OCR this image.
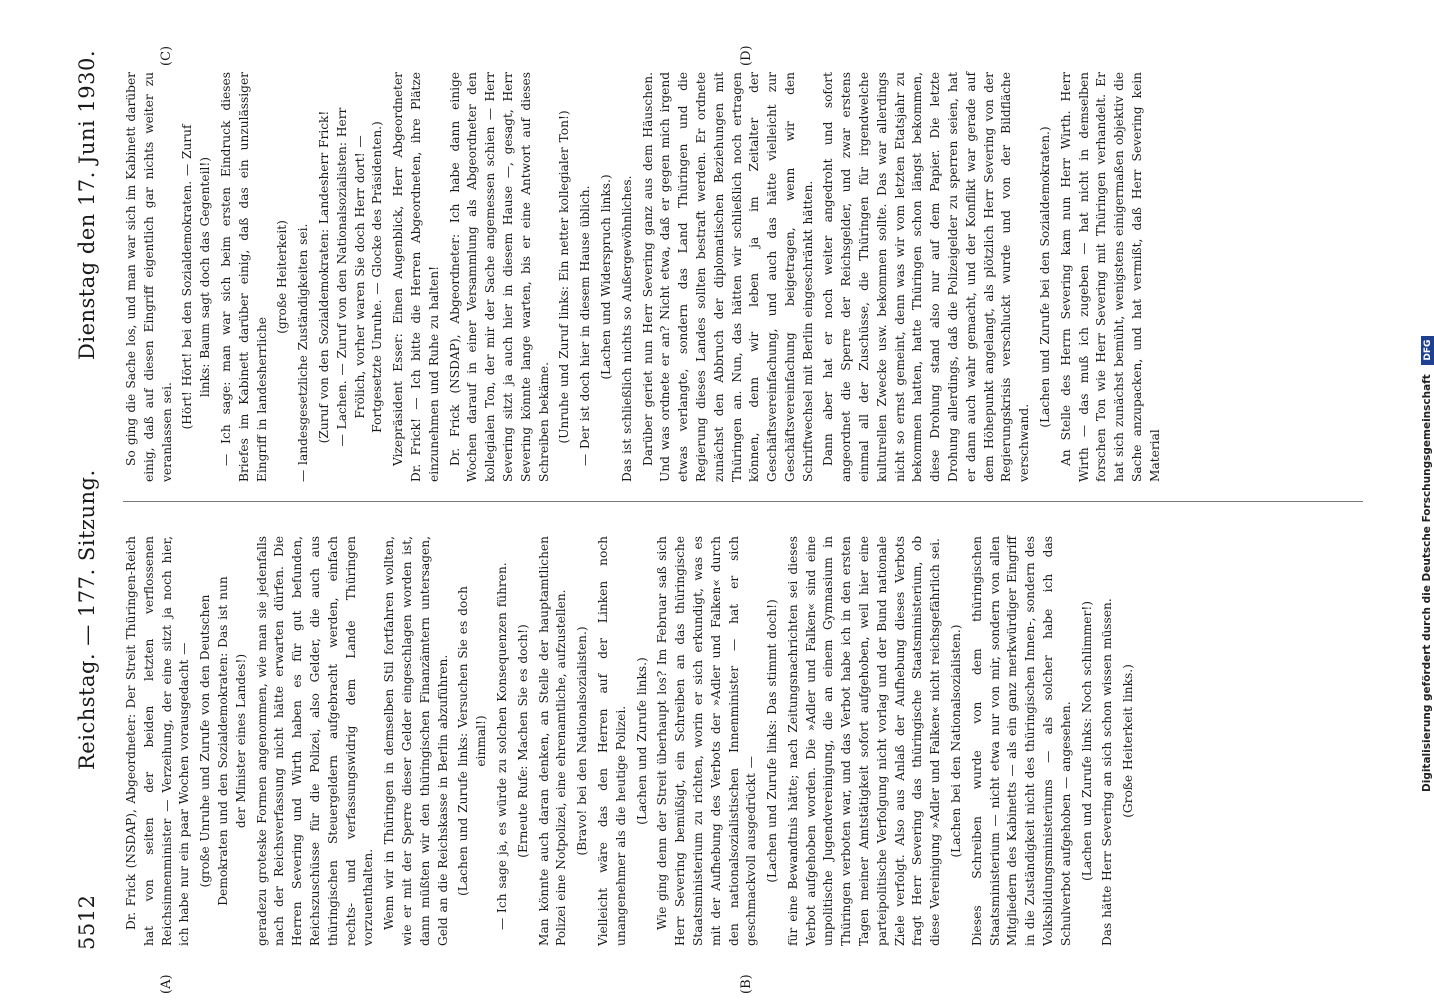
5512
Reichstag. — 177. Sitzung.
Dienstag den 17. Juni 1930.
(A)	(B)
(C)	(D)

Dr. Frick (NSDAP), Abgeordneter: Der Streit Thüringen-Reich hat von seiten der beiden letzten verflossenen Reichsinnenminister — Verzeihung, der eine sitzt ja noch hier, ich habe nur ein paar Wochen vorausgedacht — (große Unruhe und Zurufe von den Deutschen Demokraten und den Sozialdemokraten: Das ist nun der Minister eines Landes!) geradezu groteske Formen angenommen, wie man sie jedenfalls nach der Reichsverfassung nicht hätte erwarten dürfen. Die Herren Severing und Wirth haben es für gut befunden, Reichszuschüsse für die Polizei, also Gelder, die auch aus thüringischen Steuergeldern aufgebracht werden, einfach rechts- und verfassungswidrig dem Lande Thüringen vorzuenthalten. Wenn wir in Thüringen in demselben Stil fortfahren wollten, wie er mit der Sperre dieser Gelder eingeschlagen worden ist, dann müßten wir den thüringischen Finanzämtern untersagen, Geld an die Reichskasse in Berlin abzuführen. (Lachen und Zurufe links: Versuchen Sie es doch einmal!) — Ich sage ja, es würde zu solchen Konsequenzen führen. (Erneute Rufe: Machen Sie es doch!) Man könnte auch daran denken, an Stelle der hauptamtlichen Polizei eine Notpolizei, eine ehrenamtliche, aufzustellen. (Bravo! bei den Nationalsozialisten.) Vielleicht wäre das den Herren auf der Linken noch unangenehmer als die heutige Polizei. (Lachen und Zurufe links.) Wie ging denn der Streit überhaupt los? Im Februar saß sich Herr Severing bemüßigt, ein Schreiben an das thüringische Staatsministerium zu richten, worin er sich erkundigt, was es mit der Aufhebung des Verbots der »Adler und Falken« durch den nationalsozialistischen Innenminister — hat er sich geschmackvoll ausgedrückt — (Lachen und Zurufe links: Das stimmt doch!) für eine Bewandtnis hätte; nach Zeitungsnachrichten sei dieses Verbot aufgehoben worden. Die »Adler und Falken« sind eine unpolitische Jugendvereinigung, die an einem Gymnasium in Thüringen verboten war, und das Verbot habe ich in den ersten Tagen meiner Amtstätigkeit sofort aufgehoben, weil hier eine parteipolitische Verfolgung nicht vorlag und der Bund nationale Ziele verfolgt. Also aus Anlaß der Aufhebung dieses Verbots fragt Herr Severing das thüringische Staatsministerium, ob diese Vereinigung »Adler und Falken« nicht reichsgefährlich sei. (Lachen bei den Nationalsozialisten.) Dieses Schreiben wurde von dem thüringischen Staatsministerium — nicht etwa nur von mir, sondern von allen Mitgliedern des Kabinetts — als ein ganz merkwürdiger Eingriff in die Zuständigkeit nicht des thüringischen Innen-, sondern des Volksbildungsministeriums — als solcher habe ich das Schulverbot aufgehoben — angesehen. (Lachen und Zurufe links: Noch schlimmer!) Das hätte Herr Severing an sich schon wissen müssen. (Große Heiterkeit links.)

So ging die Sache los, und man war sich im Kabinett darüber einig, daß auf diesen Eingriff eigentlich gar nichts weiter zu veranlassen sei.

(Hört! Hört! bei den Sozialdemokraten. — Zuruf links: Baum sagt doch das Gegenteil!) — Ich sage: man war sich beim ersten Eindruck dieses Briefes im Kabinett darüber einig, daß das ein unzulässiger Eingriff in landesherrliche

(große Heiterkeit) — landesgesetzliche Zuständigkeiten sei. (Zuruf von den Sozialdemokraten: Landesherr Frick! — Lachen. — Zuruf von den Nationalsozialisten: Herr Frölich, vorher waren Sie doch Herr dort! — Fortgesetzte Unruhe. — Glocke des Präsidenten.) Vizepräsident Esser: Einen Augenblick, Herr Abgeordneter Dr. Frick! — Ich bitte die Herren Abgeordneten, ihre Plätze einzunehmen und Ruhe zu halten! Dr. Frick (NSDAP), Abgeordneter: Ich habe dann einige Wochen darauf in einer Versammlung als Abgeordneter den kollegialen Ton, der mir der Sache angemessen schien — Herr Severing sitzt ja auch hier in diesem Hause —, gesagt, Herr Severing könnte lange warten, bis er eine Antwort auf dieses Schreiben bekäme. (Unruhe und Zuruf links: Ein netter kollegialer Ton!) — Der ist doch hier in diesem Hause üblich. (Lachen und Widerspruch links.) Das ist schließlich nichts so Außergewöhnliches. Darüber geriet nun Herr Severing ganz aus dem Häuschen. Und was ordnete er an? Nicht etwa, daß er gegen mich irgend etwas verlangte, sondern das Land Thüringen und die Regierung dieses Landes sollten bestraft werden. Er ordnete zunächst den Abbruch der diplomatischen Beziehungen mit Thüringen an. Nun, das hätten wir schließlich noch ertragen können, denn wir leben ja im Zeitalter der Geschäftsvereinfachung, und auch das hätte vielleicht zur Geschäftsvereinfachung beigetragen, wenn wir den Schriftwechsel mit Berlin eingeschränkt hätten. Dann aber hat er noch weiter angedroht und sofort angeordnet die Sperre der Reichsgelder, und zwar erstens einmal all der Zuschüsse, die Thüringen für irgendwelche kulturellen Zwecke usw. bekommen sollte. Das war allerdings nicht so ernst gemeint, denn was wir vom letzten Etatsjahr zu bekommen hatten, hatte Thüringen schon längst bekommen, diese Drohung stand also nur auf dem Papier. Die letzte Drohung allerdings, daß die Polizeigelder zu sperren seien, hat er dann auch wahr gemacht, und der Konflikt war gerade auf dem Höhepunkt angelangt, als plötzlich Herr Severing von der Regierungskrisis verschluckt wurde und von der Bildfläche verschwand.

(Lachen und Zurufe bei den Sozialdemokraten.) An Stelle des Herrn Severing kam nun Herr Wirth. Herr Wirth — das muß ich zugeben — hat nicht in demselben forschen Ton wie Herr Severing mit Thüringen verhandelt. Er hat sich zunächst bemüht, wenigstens einigermaßen objektiv die Sache anzupacken, und hat vermißt, daß Herr Severing kein Material	Digitalisierung gefördert durch die Deutsche Forschungsgemeinschaft DFG
